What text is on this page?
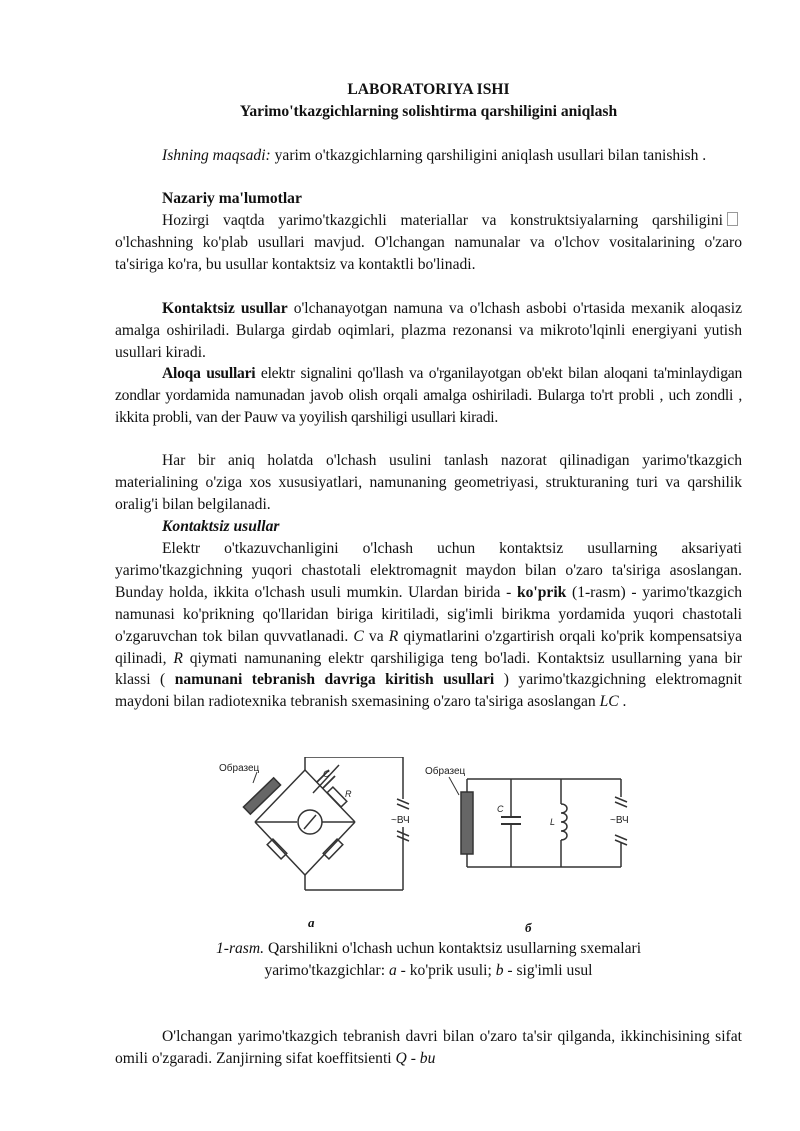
LABORATORIYA ISHI
Yarimo'tkazgichlarning solishtirma qarshiligini aniqlash
Ishning maqsadi: yarim o'tkazgichlarning qarshiligini aniqlash usullari bilan tanishish .
Nazariy ma'lumotlar
Hozirgi vaqtda yarimo'tkazgichli materiallar va konstruktsiyalarning qarshiliginio'lchashning ko'plab usullari mavjud. O'lchangan namunalar va o'lchov vositalarining o'zaro ta'siriga ko'ra, bu usullar kontaktsiz va kontaktli bo'linadi.
Kontaktsiz usullar o'lchanayotgan namuna va o'lchash asbobi o'rtasida mexanik aloqasiz amalga oshiriladi. Bulargа girdab oqimlari, plazma rezonansi va mikroto'lqinli energiyani yutish usullari kiradi.
Aloqa usullari elektr signalini qo'llash va o'rganilayotgan ob'ekt bilan aloqani ta'minlaydigan zondlar yordamida namunadan javob olish orqali amalga oshiriladi. Bularga to'rt probli , uch zondli , ikkita probli, van der Pauw va yoyilish qarshiligi usullari kiradi.
Har bir aniq holatda o'lchash usulini tanlash nazorat qilinadigan yarimo'tkazgich materialining o'ziga xos xususiyatlari, namunaning geometriyasi, strukturaning turi va qarshilik oralig'i bilan belgilanadi.
Kontaktsiz usullar
Elektr o'tkazuvchanligini o'lchash uchun kontaktsiz usullarning aksariyati yarimo'tkazgichning yuqori chastotali elektromagnit maydon bilan o'zaro ta'siriga asoslangan. Bunday holda, ikkita o'lchash usuli mumkin. Ulardan birida - ko'prik (1-rasm) - yarimo'tkazgich namunasi ko'prikning qo'llaridan biriga kiritiladi, sig'imli birikma yordamida yuqori chastotali o'zgaruvchan tok bilan quvvatlanadi. C va R qiymatlarini o'zgartirish orqali ko'prik kompensatsiya qilinadi, R qiymati namunaning elektr qarshiligiga teng bo'ladi. Kontaktsiz usullarning yana bir klassi ( namunani tebranish davriga kiritish usullari ) yarimo'tkazgichning elektromagnit maydoni bilan radiotexnika tebranish sxemasining o'zaro ta'siriga asoslangan LC .
Образец	C
R
~ВЧ
Образец
C
L	~ВЧ
а	б
1-rasm. Qarshilikni o'lchash uchun kontaktsiz usullarning sxemalari
yarimo'tkazgichlar: a - ko'prik usuli; b - sig'imli usul
O'lchangan yarimo'tkazgich tebranish davri bilan o'zaro ta'sir qilganda, ikkinchisining sifat omili o'zgaradi. Zanjirning sifat koeffitsienti Q - bu
